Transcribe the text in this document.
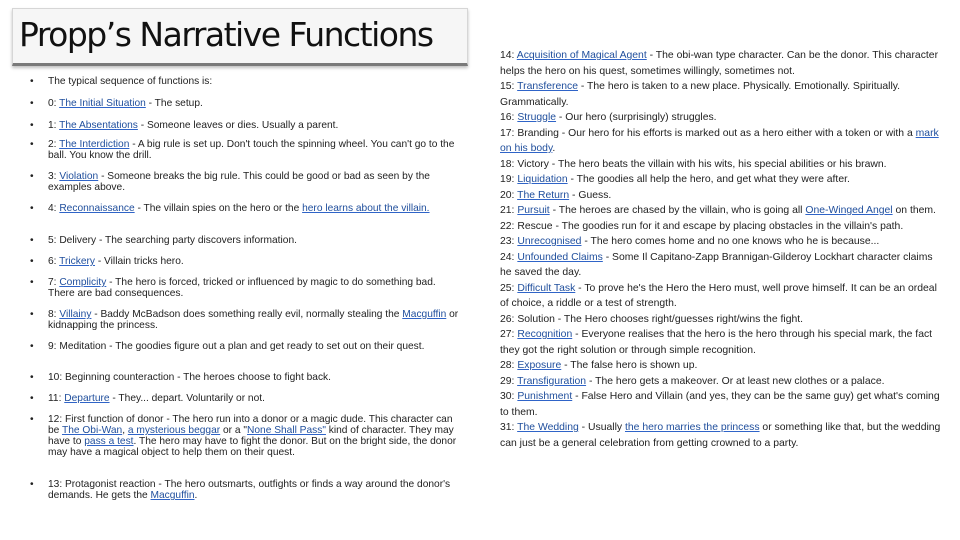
Propp’s Narrative Functions
• The typical sequence of functions is:
• 0: The Initial Situation - The setup.
• 1: The Absentations - Someone leaves or dies. Usually a parent.
• 2: The Interdiction - A big rule is set up. Don't touch the spinning wheel. You can't go to the ball. You know the drill.
• 3: Violation - Someone breaks the big rule. This could be good or bad as seen by the examples above.
• 4: Reconnaissance - The villain spies on the hero or the hero learns about the villain.
• 5: Delivery - The searching party discovers information.
• 6: Trickery - Villain tricks hero.
• 7: Complicity - The hero is forced, tricked or influenced by magic to do something bad. There are bad consequences.
• 8: Villainy - Baddy McBadson does something really evil, normally stealing the Macguffin or kidnapping the princess.
• 9: Meditation - The goodies figure out a plan and get ready to set out on their quest.
• 10: Beginning counteraction - The heroes choose to fight back.
• 11: Departure - They... depart. Voluntarily or not.
• 12: First function of donor - The hero run into a donor or a magic dude. This character can be The Obi-Wan, a mysterious beggar or a "None Shall Pass" kind of character. They may have to pass a test. The hero may have to fight the donor. But on the bright side, the donor may have a magical object to help them on their quest.
• 13: Protagonist reaction - The hero outsmarts, outfights or finds a way around the donor's demands. He gets the Macguffin.

14: Acquisition of Magical Agent - The obi-wan type character. Can be the donor. This character helps the hero on his quest, sometimes willingly, sometimes not.

15: Transference - The hero is taken to a new place. Physically. Emotionally. Spiritually. Grammatically.

16: Struggle - Our hero (surprisingly) struggles.

17: Branding - Our hero for his efforts is marked out as a hero either with a token or with a mark on his body.

18: Victory - The hero beats the villain with his wits, his special abilities or his brawn.

19: Liquidation - The goodies all help the hero, and get what they were after.

20: The Return - Guess.

21: Pursuit - The heroes are chased by the villain, who is going all One-Winged Angel on them.

22: Rescue - The goodies run for it and escape by placing obstacles in the villain's path.

23: Unrecognised - The hero comes home and no one knows who he is because...

24: Unfounded Claims - Some Il Capitano-Zapp Brannigan-Gilderoy Lockhart character claims he saved the day.

25: Difficult Task - To prove he's the Hero the Hero must, well prove himself. It can be an ordeal of choice, a riddle or a test of strength.

26: Solution - The Hero chooses right/guesses right/wins the fight.

27: Recognition - Everyone realises that the hero is the hero through his special mark, the fact they got the right solution or through simple recognition.

28: Exposure - The false hero is shown up.

29: Transfiguration - The hero gets a makeover. Or at least new clothes or a palace.

30: Punishment - False Hero and Villain (and yes, they can be the same guy) get what's coming to them.

31: The Wedding - Usually the hero marries the princess or something like that, but the wedding can just be a general celebration from getting crowned to a party.
